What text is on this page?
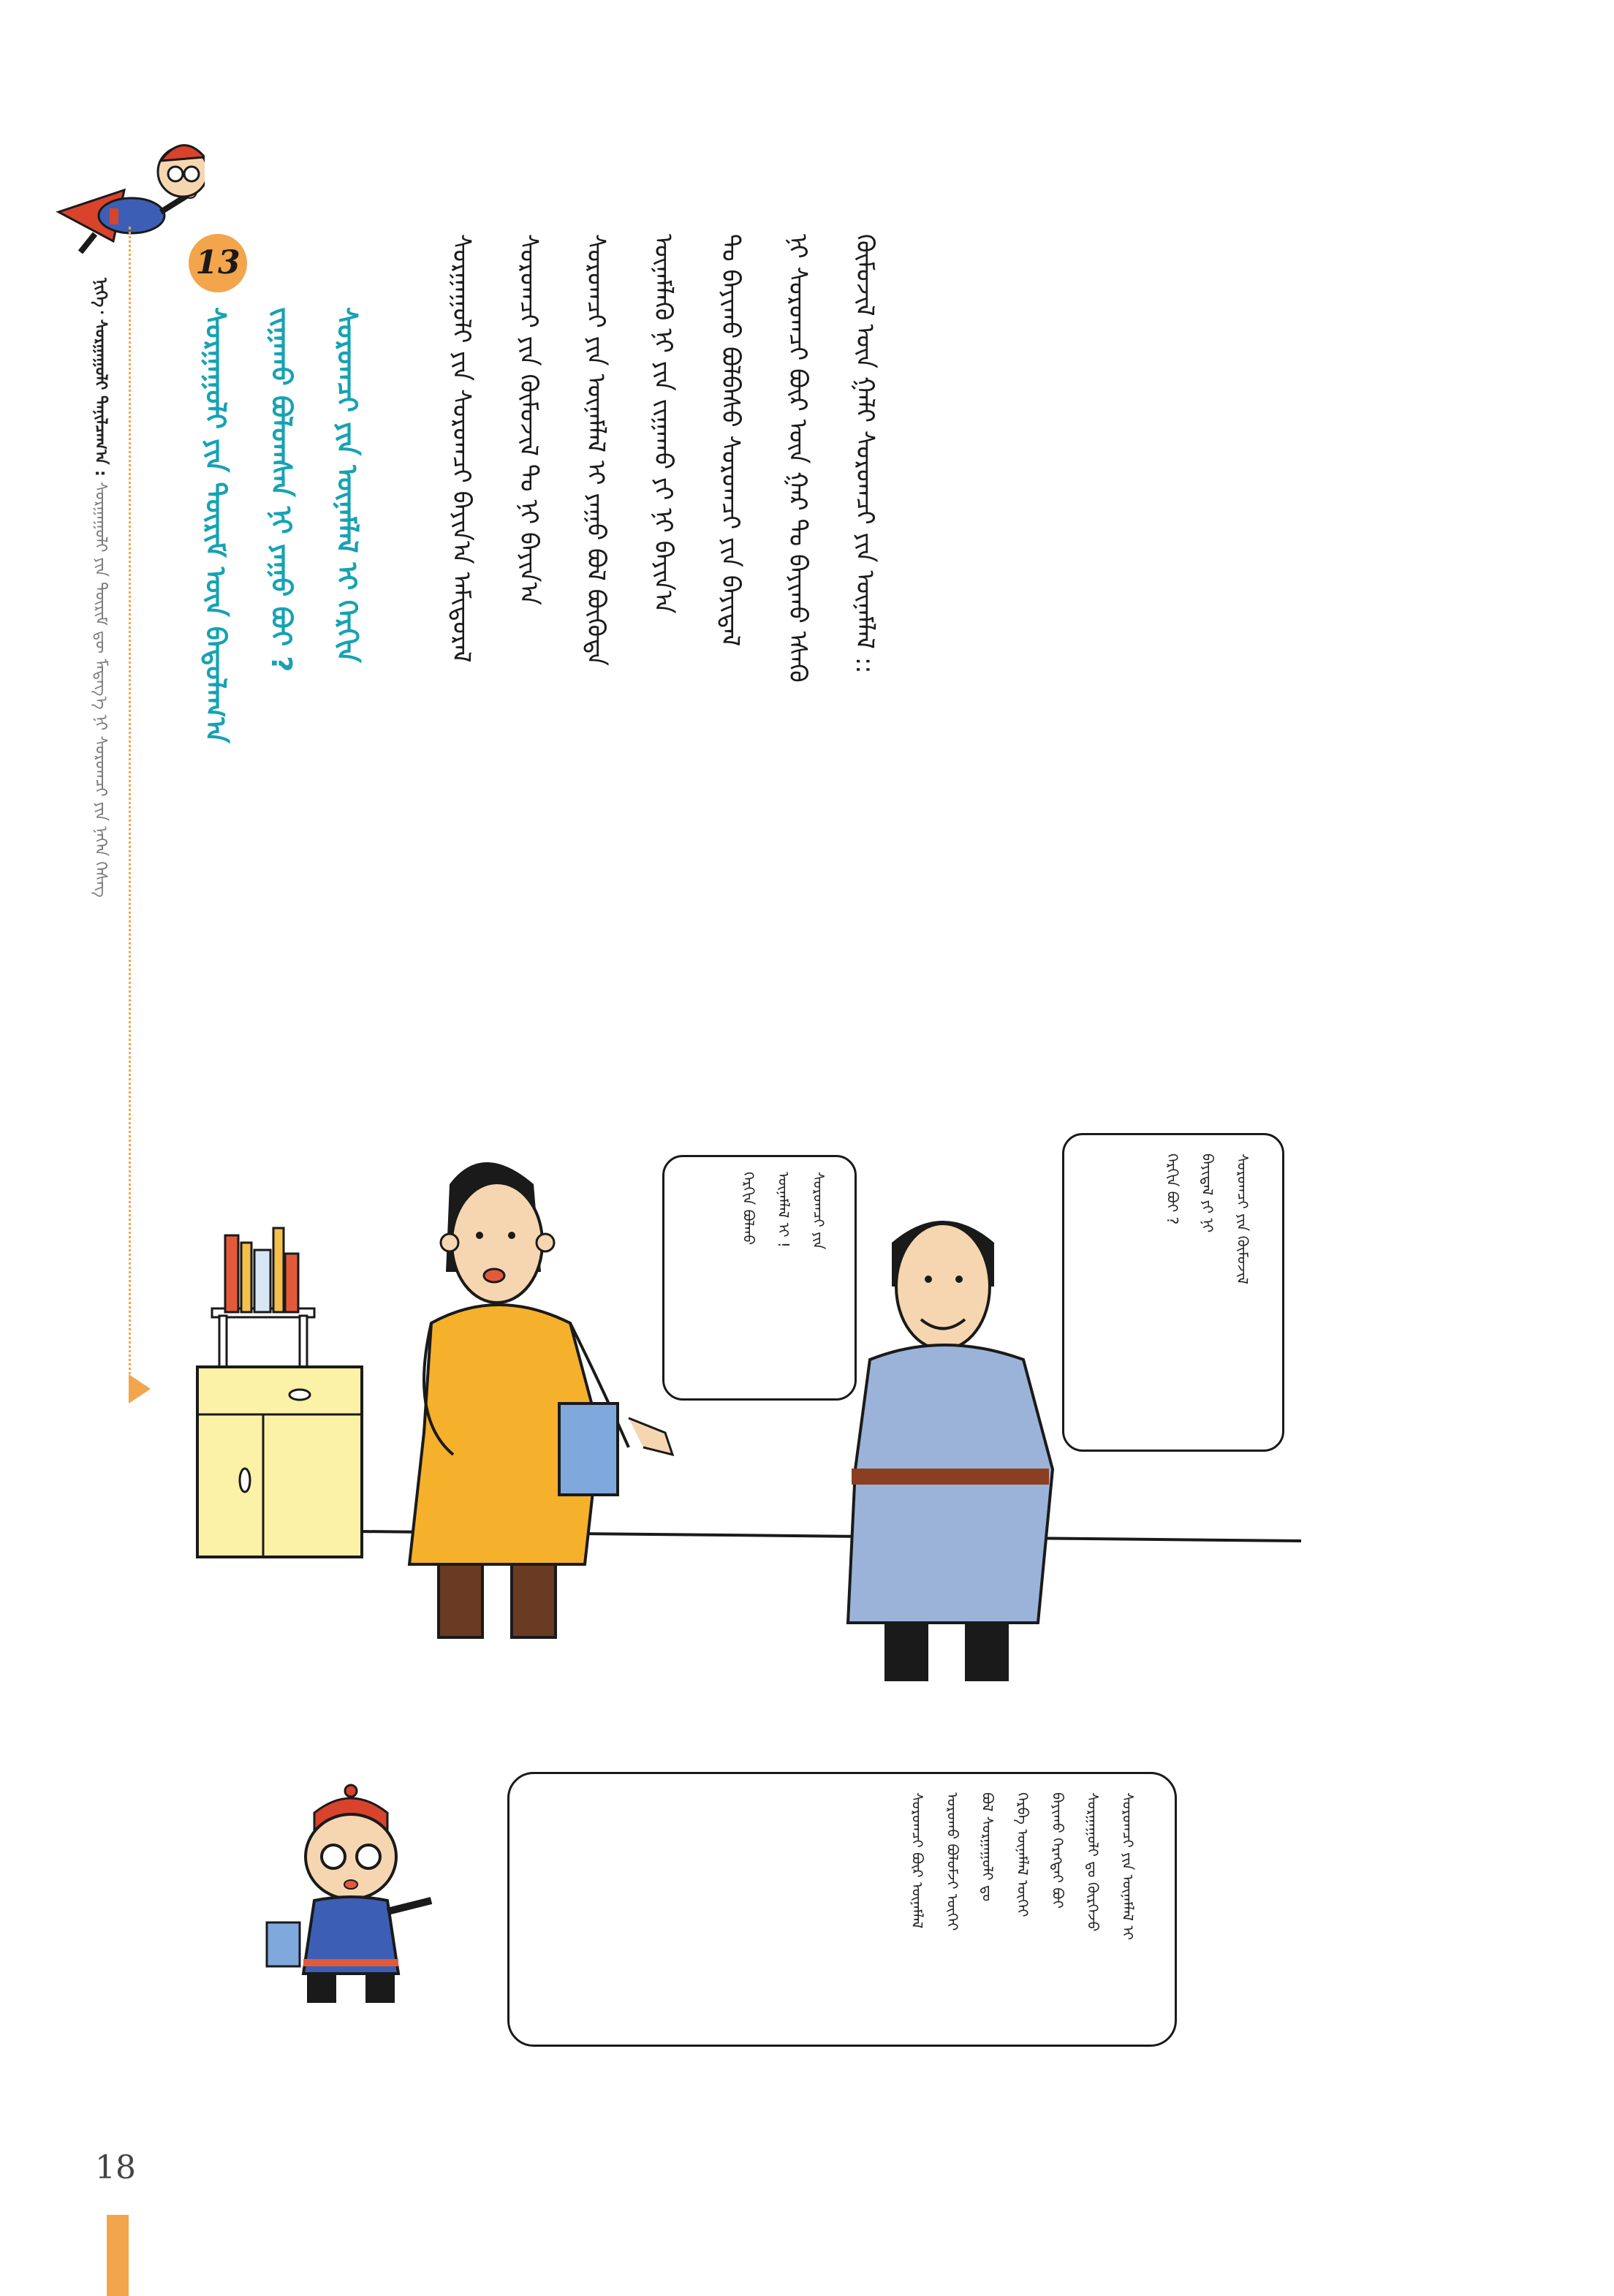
ᠨᠢᠭᠡ᠂ ᠰᠤᠷᠭᠠᠭᠤᠯᠢ ᠲᠠᠨᠢᠯᠴᠠᠭ᠎ᠠ : ᠰᠤᠷᠭᠠᠭᠤᠯᠢ ᠶᠢᠨ ᠳᠦᠷᠢᠮ ᠳᠦ ᠮᠡᠳᠡᠭ᠎ᠡ ᠨᠢ ᠰᠤᠷᠤᠭᠴᠢ ᠶᠢᠨ ᠨᠡᠭᠡᠨ ᠬᠡᠰᠡᠭ
13
ᠰᠤᠷᠤᠭᠴᠢ ᠶᠢᠨ ᠦᠨᠡᠮᠯᠡᠯ ᠢ ᠬᠡᠷᠬᠢᠨ
ᠵᠢᠭᠠᠬᠤ ᠪᠤᠯᠤᠭᠰᠠᠨ ᠨᠢ ᠶᠠᠭᠤ ᠪᠤᠢ ?
ᠰᠤᠷᠭᠠᠭᠤᠯᠢ ᠶᠢᠨ ᠳᠦᠷᠢᠮ ᠦᠨ ᠪᠠᠲᠤᠯᠠᠭ᠎ᠠ	ᠬᠦᠮᠦᠵᠢᠯ ᠦᠨ ᠭᠠᠯᠢ ᠰᠤᠷᠤᠭᠴᠢ ᠶᠢᠨ ᠦᠨᠡᠮᠯᠡᠯ ::
ᠨᠢ ᠰᠤᠷᠤᠭᠴᠢ ᠪᠦᠷ ᠦᠨ ᠭᠠᠷ ᠲᠤ ᠪᠠᠶᠢᠬᠤ ᠡᠰᠡᠬᠦ
ᠲᠤ ᠪᠠᠶᠢᠬᠤ ᠪᠤᠯᠪᠠᠰᠤ ᠰᠤᠷᠤᠭᠴᠢ ᠶᠢᠨ ᠪᠠᠶᠢᠳᠠᠯ
ᠦᠨᠡᠮᠯᠡᠬᠦ ᠨᠢ ᠶᠢᠨ ᠵᠢᠭᠠᠬᠤ ᠶᠢ ᠨᠢ ᠪᠠᠶᠢᠨ᠎ᠠ
ᠰᠤᠷᠤᠭᠴᠢ ᠶᠢᠨ ᠦᠨᠡᠮᠯᠡᠯ ᠢ ᠶᠠᠭᠤ ᠪᠤᠯ ᠪᠦᠭᠦᠳᠡ
ᠰᠤᠷᠤᠭᠴᠢ ᠶᠢᠨ ᠬᠦᠮᠦᠵᠢᠯ ᠲᠤ ᠨᠢ ᠪᠠᠶᠢᠨ᠎ᠠ
ᠰᠤᠷᠭᠠᠭᠤᠯᠢ ᠶᠢᠨ ᠰᠤᠷᠤᠭᠴᠢ ᠪᠠᠶᠢᠨ᠎ᠠ ᠠᠮᠢᠳᠤᠷᠠᠯ
ᠰᠤᠷᠤᠭᠴᠢ ᠶᠢᠨ
ᠦᠨᠡᠮᠯᠡᠯ ᠢ !
ᠬᠡᠷᠬᠢᠨ ᠪᠤᠯᠬᠤ	ᠰᠤᠷᠤᠭᠴᠢ ᠶᠢᠨ ᠬᠦᠮᠦᠵᠢᠯ
ᠪᠠᠶᠢᠳᠠᠯ ᠶᠢ ᠨᠢ
ᠬᠡᠷᠬᠢᠨ ᠪᠤᠢ ?
ᠰᠤᠷᠤᠭᠴᠢ ᠶᠢᠨ ᠦᠨᠡᠮᠯᠡᠯ ᠢ
ᠰᠤᠷᠭᠠᠭᠤᠯᠢ ᠳᠤ ᠬᠦᠷᠭᠡᠵᠦ
ᠪᠠᠶᠢᠬᠤ ᠬᠡᠷᠡᠭᠲᠡᠢ ᠪᠤᠢ
ᠬᠡᠷᠪᠡ ᠦᠨᠡᠮᠯᠡᠯ ᠦᠭᠡᠢ
ᠪᠤᠯ ᠰᠤᠷᠭᠠᠭᠤᠯᠢ ᠳᠤ
ᠣᠷᠤᠬᠤ ᠪᠤᠯᠤᠮᠵᠢ ᠦᠭᠡᠢ
ᠰᠤᠷᠤᠭᠴᠢ ᠪᠦᠷ ᠦᠨᠡᠮᠯᠡᠯ
18
